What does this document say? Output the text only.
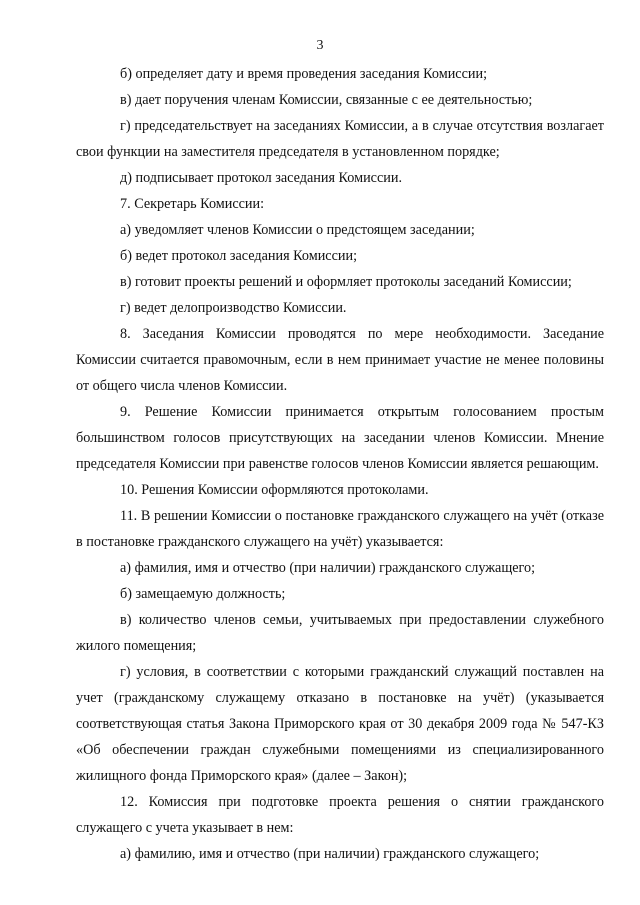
3

б) определяет дату и время проведения заседания Комиссии;

в) дает поручения членам Комиссии, связанные с ее деятельностью;

г) председательствует на заседаниях Комиссии, а в случае отсутствия возлагает свои функции на заместителя председателя в установленном порядке;

д) подписывает протокол заседания Комиссии.

7. Секретарь Комиссии:

а) уведомляет членов Комиссии о предстоящем заседании;

б) ведет протокол заседания Комиссии;

в) готовит проекты решений и оформляет протоколы заседаний Комиссии;

г) ведет делопроизводство Комиссии.

8. Заседания Комиссии проводятся по мере необходимости. Заседание Комиссии считается правомочным, если в нем принимает участие не менее половины от общего числа членов Комиссии.

9. Решение Комиссии принимается открытым голосованием простым большинством голосов присутствующих на заседании членов Комиссии. Мнение председателя Комиссии при равенстве голосов членов Комиссии является решающим.

10. Решения Комиссии оформляются протоколами.

11. В решении Комиссии о постановке гражданского служащего на учёт (отказе в постановке гражданского служащего на учёт) указывается:

а) фамилия, имя и отчество (при наличии) гражданского служащего;

б) замещаемую должность;

в) количество членов семьи, учитываемых при предоставлении служебного жилого помещения;

г) условия, в соответствии с которыми гражданский служащий поставлен на учет (гражданскому служащему отказано в постановке на учёт) (указывается соответствующая статья Закона Приморского края от 30 декабря 2009 года № 547-КЗ «Об обеспечении граждан служебными помещениями из специализированного жилищного фонда Приморского края» (далее – Закон);

12. Комиссия при подготовке проекта решения о снятии гражданского служащего с учета указывает в нем:

а) фамилию, имя и отчество (при наличии) гражданского служащего;
